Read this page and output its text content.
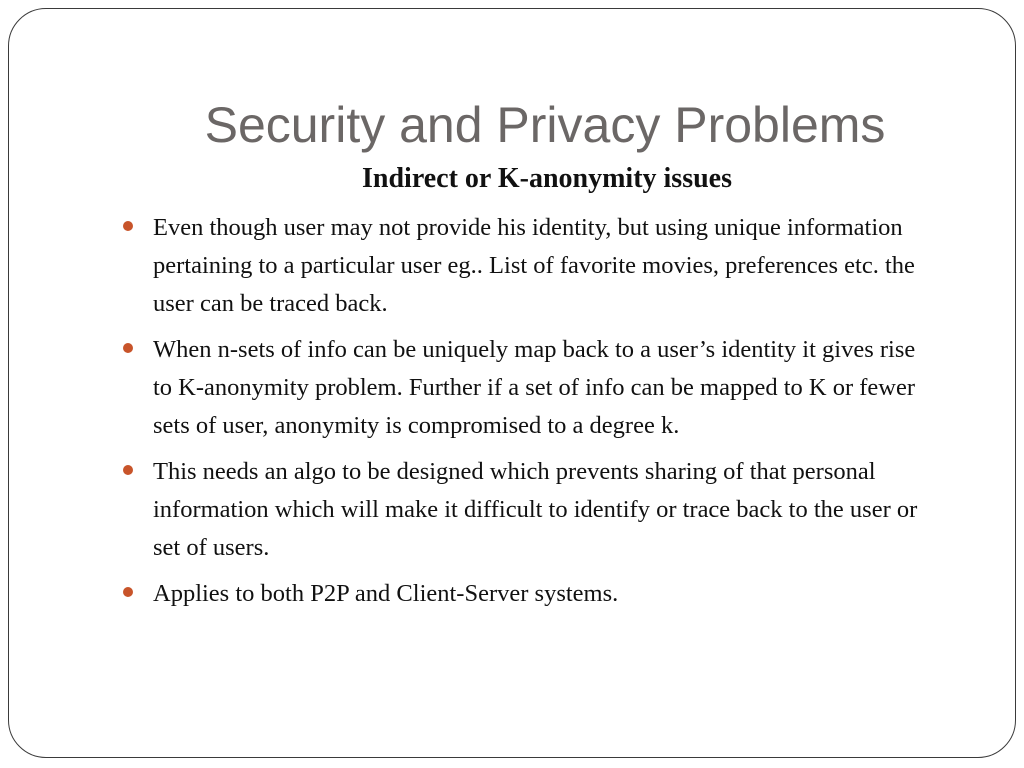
Security and Privacy Problems
Indirect or K-anonymity issues
Even though user may not provide his identity, but using unique information pertaining to a particular user eg.. List of favorite movies, preferences etc. the user can be traced back.
When n-sets of info can be uniquely map back to a user’s identity it gives rise to K-anonymity problem. Further if a set of info can be mapped to K or fewer sets of user, anonymity is compromised to a degree k.
This needs an algo to be designed which prevents sharing of that personal information which will make it difficult to identify or trace back to the user or set of users.
Applies to both P2P and Client-Server systems.
